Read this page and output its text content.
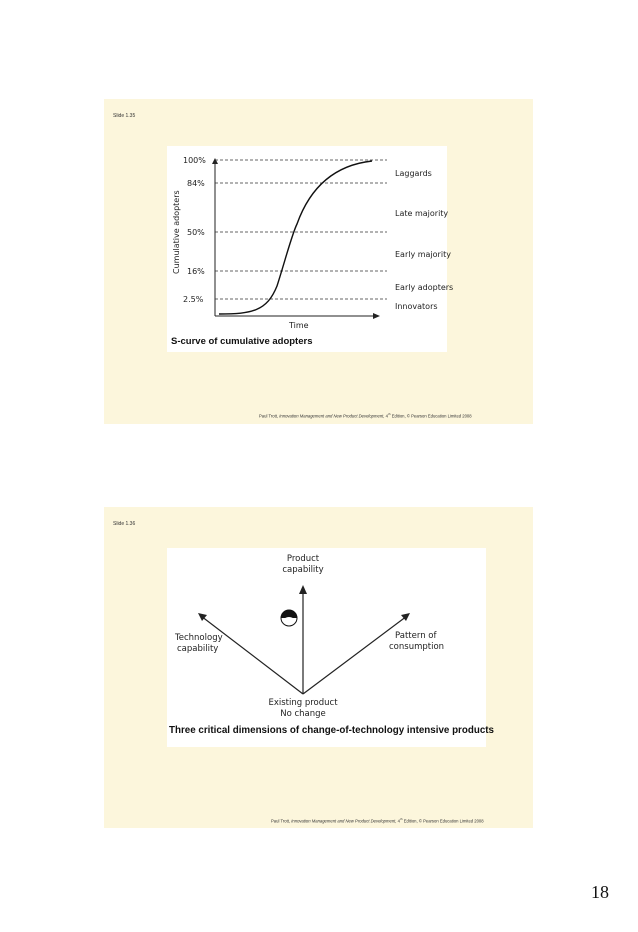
Slide 1.35
100%
84%
50%
16%
2.5%
Cumulative adopters
Laggards
Late majority
Early majority
Early adopters
Innovators
Time
S-curve of cumulative adopters
Paul Trott, Innovation Management and New Product Development, 4th Edition, © Pearson Education Limited 2008
Slide 1.36
Product
capability
Technology
capability
Pattern of
consumption
Existing product
No change
Three critical dimensions of change-of-technology intensive products
Paul Trott, Innovation Management and New Product Development, 4th Edition, © Pearson Education Limited 2008
18
